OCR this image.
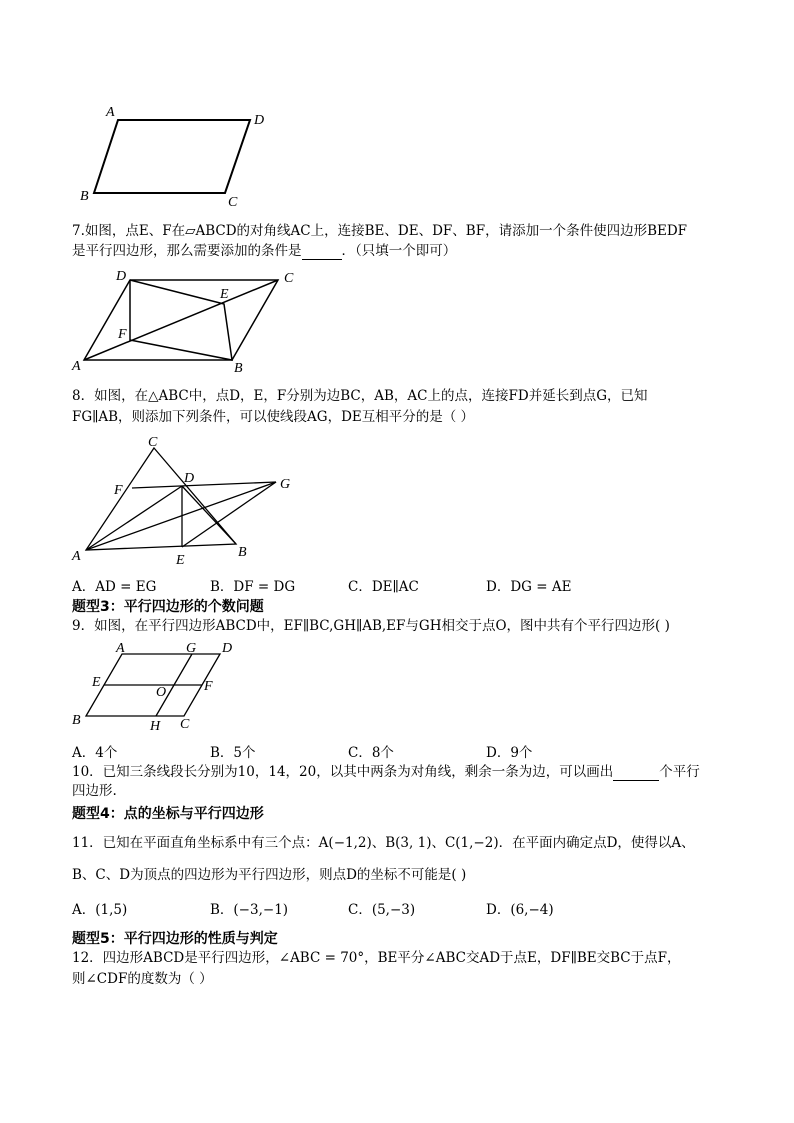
A
B	C
D
7.如图，点E、F在▱ABCD的对角线AC上，连接BE、DE、DF、BF，请添加一个条件使四边形BEDF
是平行四边形，那么需要添加的条件是	．（只填一个即可）
D	C
E
F
A	B
8．如图，在△ABC中，点D，E，F分别为边BC，AB，AC上的点，连接FD并延长到点G，已知
FG∥AB，则添加下列条件，可以使线段AG，DE互相平分的是（ ）
C
F
D	G
A	E
B
A．AD = EG	B．DF = DG	C．DE∥AC	D．DG = AE
题型3：平行四边形的个数问题
9．如图，在平行四边形ABCD中，EF∥BC,GH∥AB,EF与GH相交于点O，图中共有个平行四边形( )
A	G D
E
O	F
B	H C
A．4个	B．5个	C．8个	D．9个
10．已知三条线段长分别为10，14，20，以其中两条为对角线，剩余一条为边，可以画出	个平行
四边形.
题型4：点的坐标与平行四边形
11．已知在平面直角坐标系中有三个点：A(−1,2)、B(3, 1)、C(1,−2)．在平面内确定点D，使得以A、
B、C、D为顶点的四边形为平行四边形，则点D的坐标不可能是( )
A．(1,5)	B．(−3,−1)	C．(5,−3)	D．(6,−4)
题型5：平行四边形的性质与判定
12．四边形ABCD是平行四边形，∠ABC = 70°，BE平分∠ABC交AD于点E，DF∥BE交BC于点F，
则∠CDF的度数为（ ）
